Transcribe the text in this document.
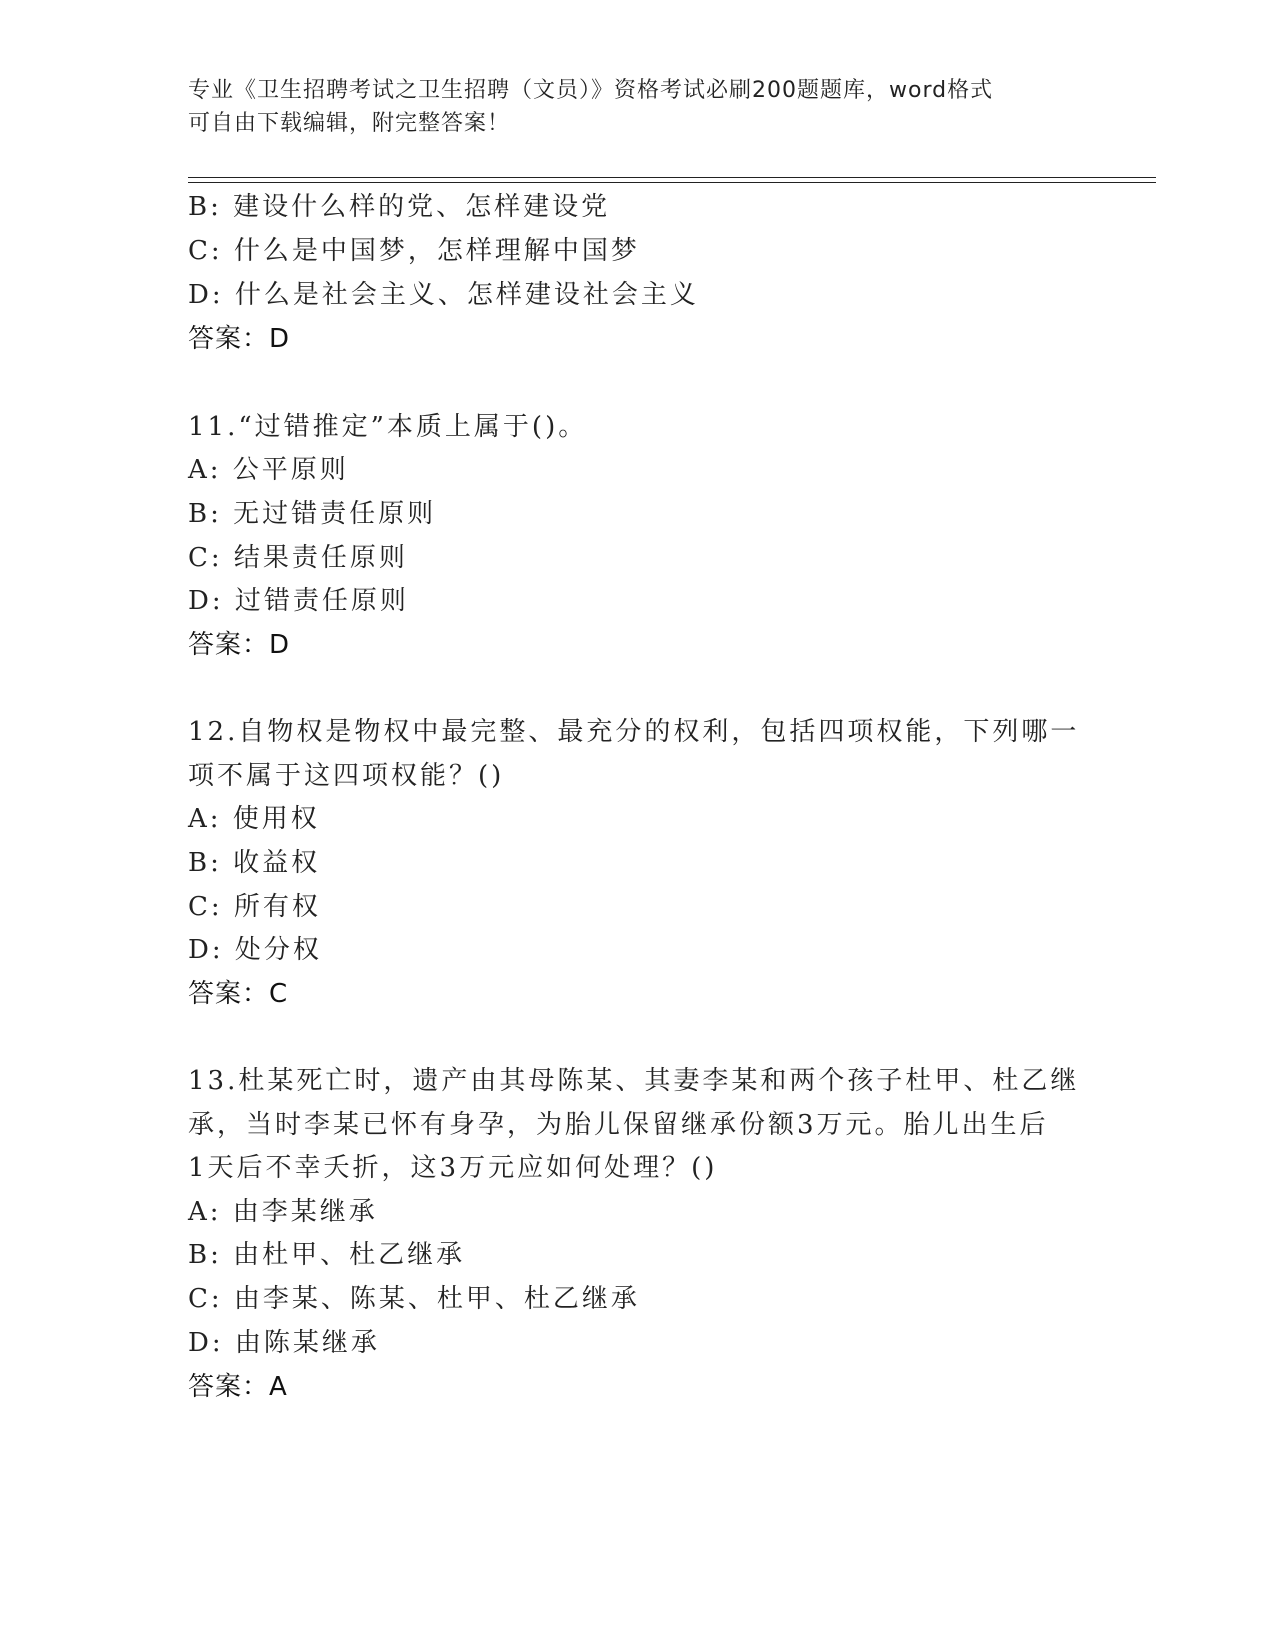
专业《卫生招聘考试之卫生招聘（文员）》资格考试必刷200题题库，word格式
可自由下载编辑，附完整答案！
B: 建设什么样的党、怎样建设党
C: 什么是中国梦，怎样理解中国梦
D: 什么是社会主义、怎样建设社会主义
答案：D
11.“过错推定”本质上属于()。
A: 公平原则
B: 无过错责任原则
C: 结果责任原则
D: 过错责任原则
答案：D
12.自物权是物权中最完整、最充分的权利，包括四项权能，下列哪一
项不属于这四项权能？()
A: 使用权
B: 收益权
C: 所有权
D: 处分权
答案：C
13.杜某死亡时，遗产由其母陈某、其妻李某和两个孩子杜甲、杜乙继
承，当时李某已怀有身孕，为胎儿保留继承份额3万元。胎儿出生后
1天后不幸夭折，这3万元应如何处理？()
A: 由李某继承
B: 由杜甲、杜乙继承
C: 由李某、陈某、杜甲、杜乙继承
D: 由陈某继承
答案：A
